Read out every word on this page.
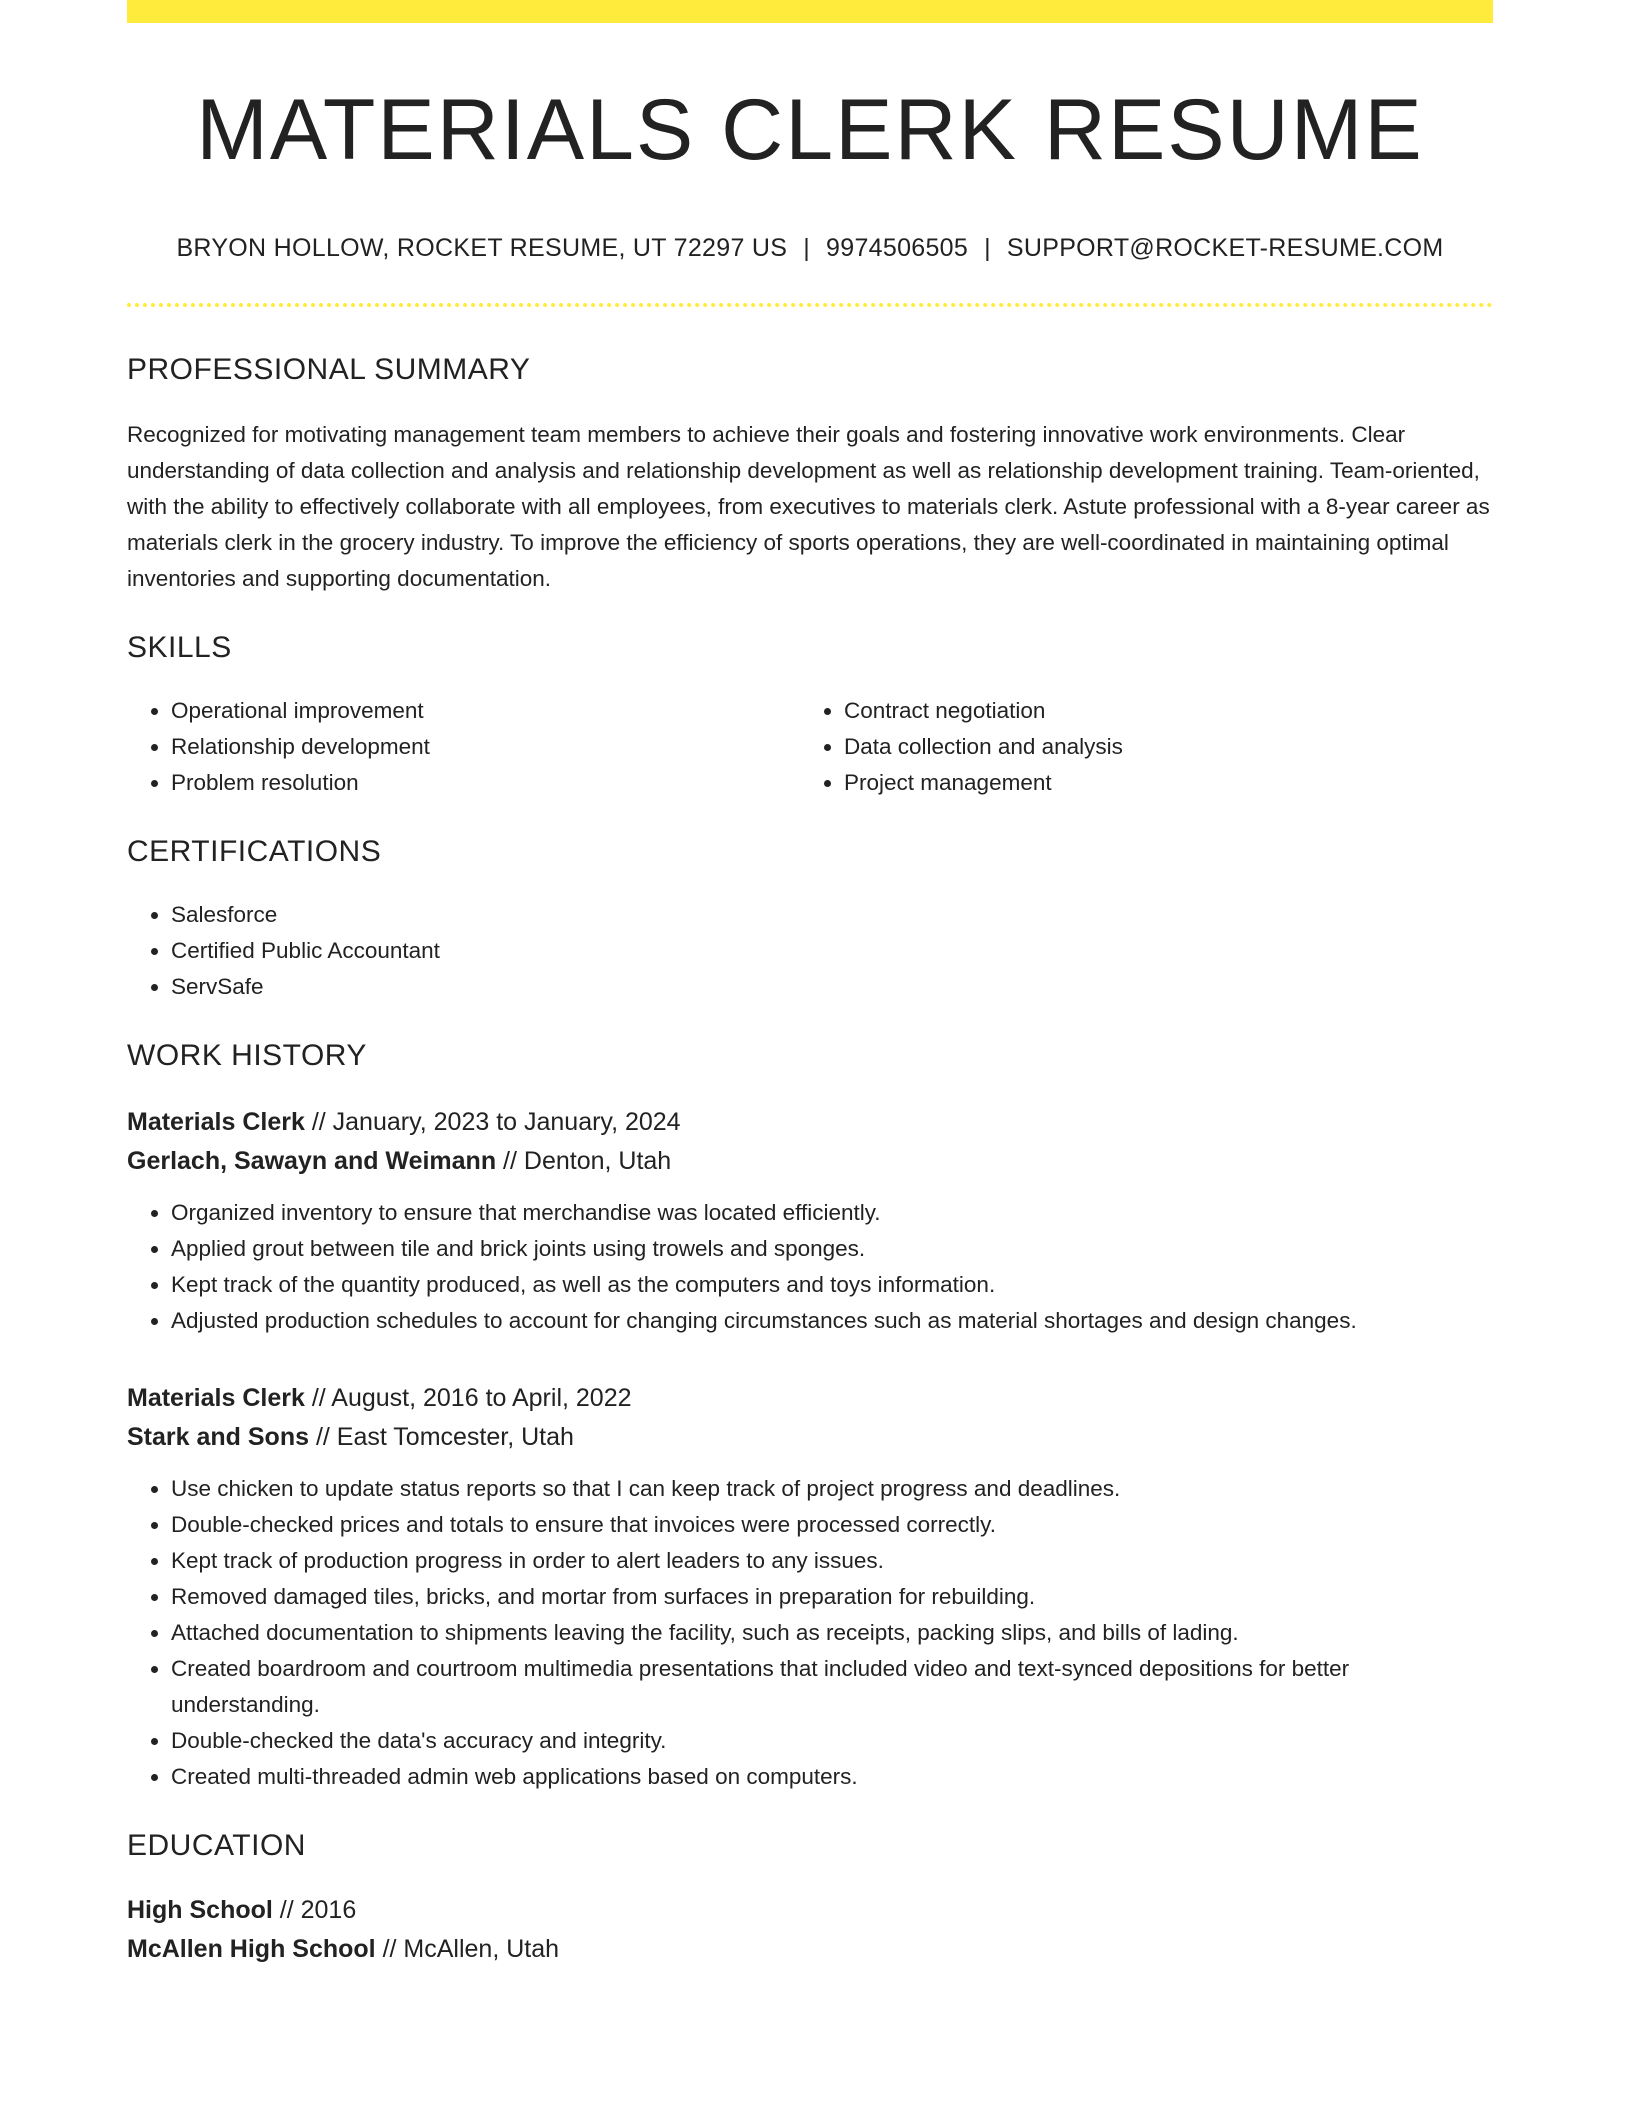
MATERIALS CLERK RESUME
BRYON HOLLOW, ROCKET RESUME, UT 72297 US | 9974506505 | SUPPORT@ROCKET-RESUME.COM
PROFESSIONAL SUMMARY
Recognized for motivating management team members to achieve their goals and fostering innovative work environments. Clear understanding of data collection and analysis and relationship development as well as relationship development training. Team-oriented, with the ability to effectively collaborate with all employees, from executives to materials clerk. Astute professional with a 8-year career as materials clerk in the grocery industry. To improve the efficiency of sports operations, they are well-coordinated in maintaining optimal inventories and supporting documentation.
SKILLS
• Operational improvement
• Relationship development
• Problem resolution
• Contract negotiation
• Data collection and analysis
• Project management
CERTIFICATIONS
• Salesforce
• Certified Public Accountant
• ServSafe
WORK HISTORY
Materials Clerk // January, 2023 to January, 2024
Gerlach, Sawayn and Weimann // Denton, Utah
• Organized inventory to ensure that merchandise was located efficiently.
• Applied grout between tile and brick joints using trowels and sponges.
• Kept track of the quantity produced, as well as the computers and toys information.
• Adjusted production schedules to account for changing circumstances such as material shortages and design changes.
Materials Clerk // August, 2016 to April, 2022
Stark and Sons // East Tomcester, Utah
• Use chicken to update status reports so that I can keep track of project progress and deadlines.
• Double-checked prices and totals to ensure that invoices were processed correctly.
• Kept track of production progress in order to alert leaders to any issues.
• Removed damaged tiles, bricks, and mortar from surfaces in preparation for rebuilding.
• Attached documentation to shipments leaving the facility, such as receipts, packing slips, and bills of lading.
• Created boardroom and courtroom multimedia presentations that included video and text-synced depositions for better understanding.
• Double-checked the data's accuracy and integrity.
• Created multi-threaded admin web applications based on computers.
EDUCATION
High School // 2016
McAllen High School // McAllen, Utah
